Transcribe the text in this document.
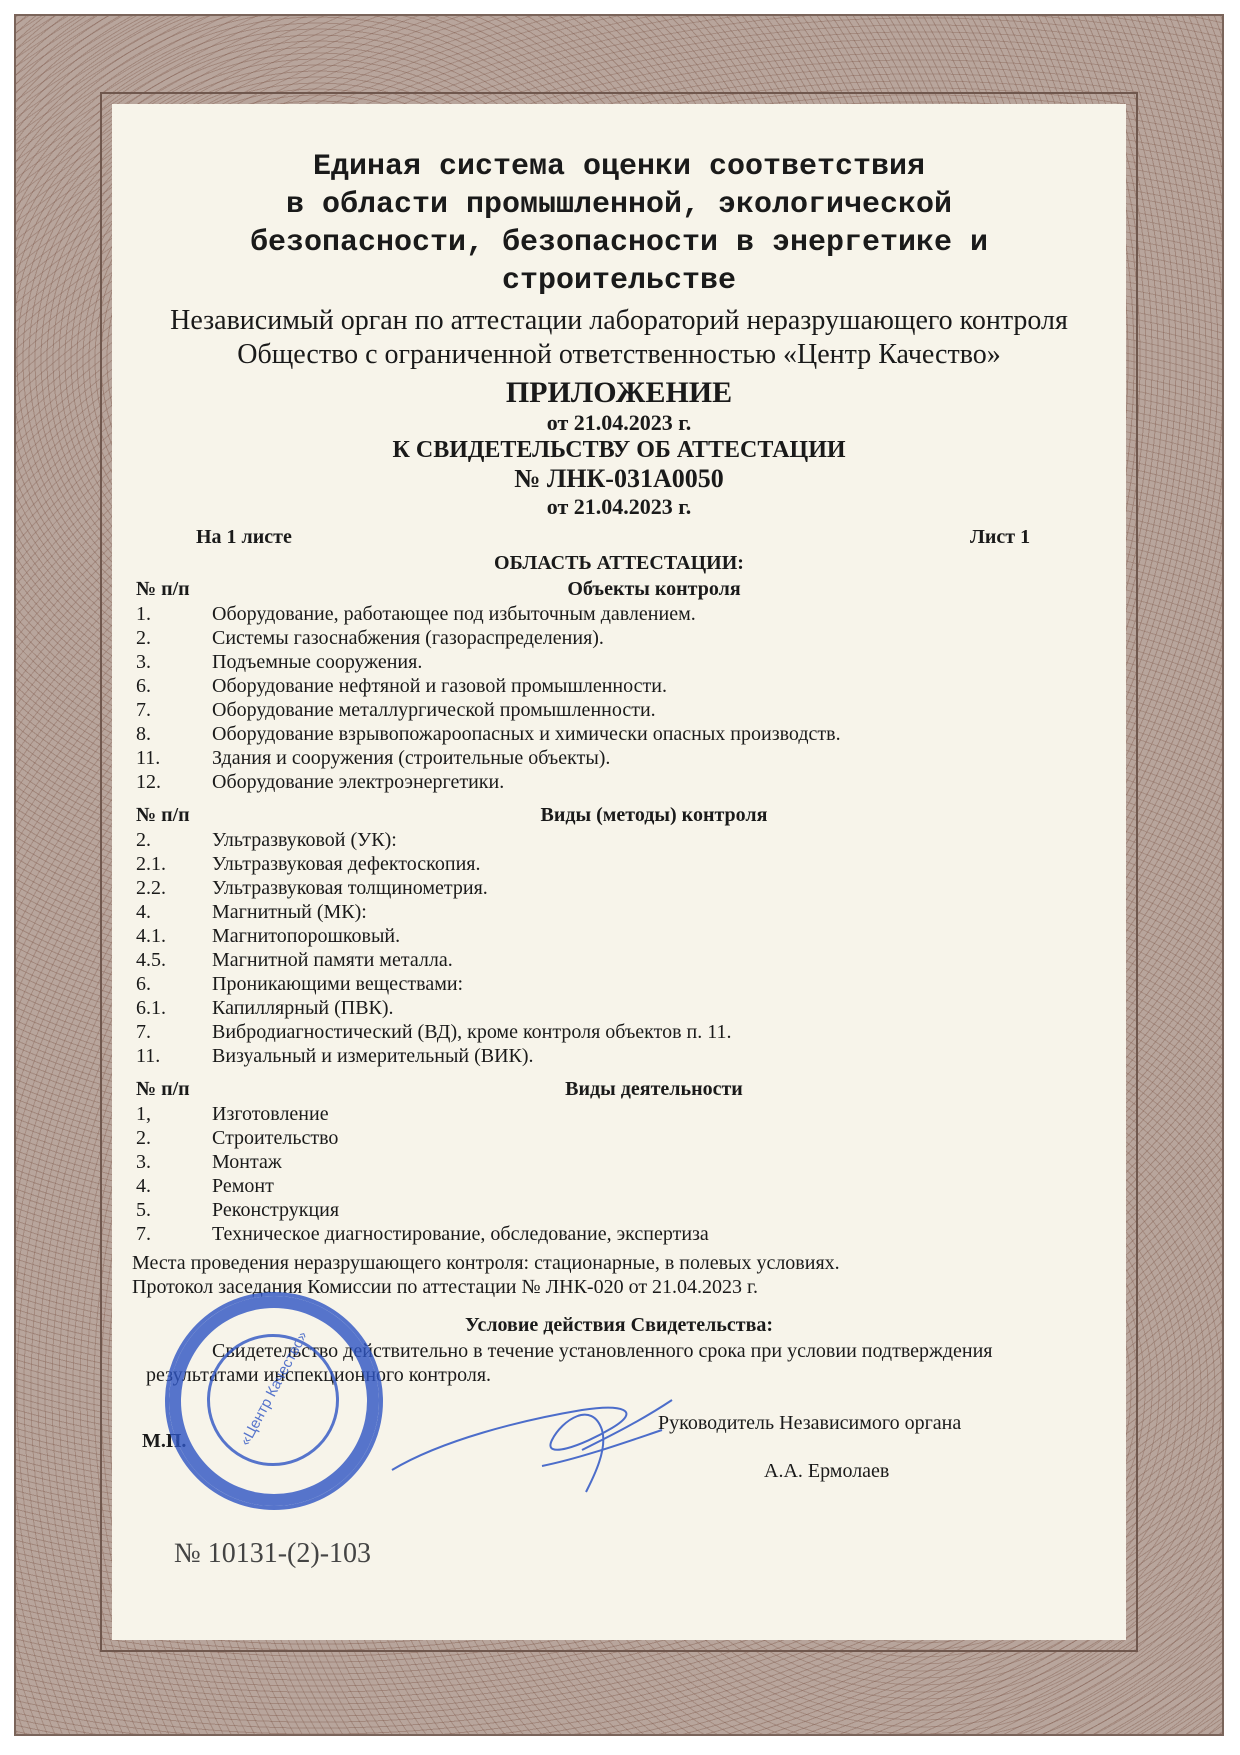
Единая система оценки соответствия
в области промышленной, экологической
безопасности, безопасности в энергетике и
строительстве
Независимый орган по аттестации лабораторий неразрушающего контроля
Общество с ограниченной ответственностью «Центр Качество»
ПРИЛОЖЕНИЕ
от 21.04.2023 г.
К СВИДЕТЕЛЬСТВУ ОБ АТТЕСТАЦИИ
№ ЛНК-031А0050
от 21.04.2023 г.
На 1 листе	Лист 1
ОБЛАСТЬ АТТЕСТАЦИИ:
№ п/п	Объекты контроля
1.	Оборудование, работающее под избыточным давлением.
2.	Системы газоснабжения (газораспределения).
3.	Подъемные сооружения.
6.	Оборудование нефтяной и газовой промышленности.
7.	Оборудование металлургической промышленности.
8.	Оборудование взрывопожароопасных и химически опасных производств.
11.	Здания и сооружения (строительные объекты).
12.	Оборудование электроэнергетики.
№ п/п	Виды (методы) контроля
2.	Ультразвуковой (УК):
2.1. Ультразвуковая дефектоскопия.
2.2. Ультразвуковая толщинометрия.
4.	Магнитный (МК):
4.1. Магнитопорошковый.
4.5. Магнитной памяти металла.
6.	Проникающими веществами:
6.1. Капиллярный (ПВК).
7.	Вибродиагностический (ВД), кроме контроля объектов п. 11.
11.	Визуальный и измерительный (ВИК).
№ п/п	Виды деятельности
1,	Изготовление
2.	Строительство
3.	Монтаж
4.	Ремонт
5.	Реконструкция
7.	Техническое диагностирование, обследование, экспертиза
Места проведения неразрушающего контроля: стационарные, в полевых условиях.
Протокол заседания Комиссии по аттестации № ЛНК-020 от 21.04.2023 г.
Условие действия Свидетельства:
Свидетельство действительно в течение установленного срока при условии подтверждения
результатами инспекционного контроля.
Руководитель Независимого органа
А.А. Ермолаев
М.П.
№ 10131-(2)-103
«Центр Качество»
